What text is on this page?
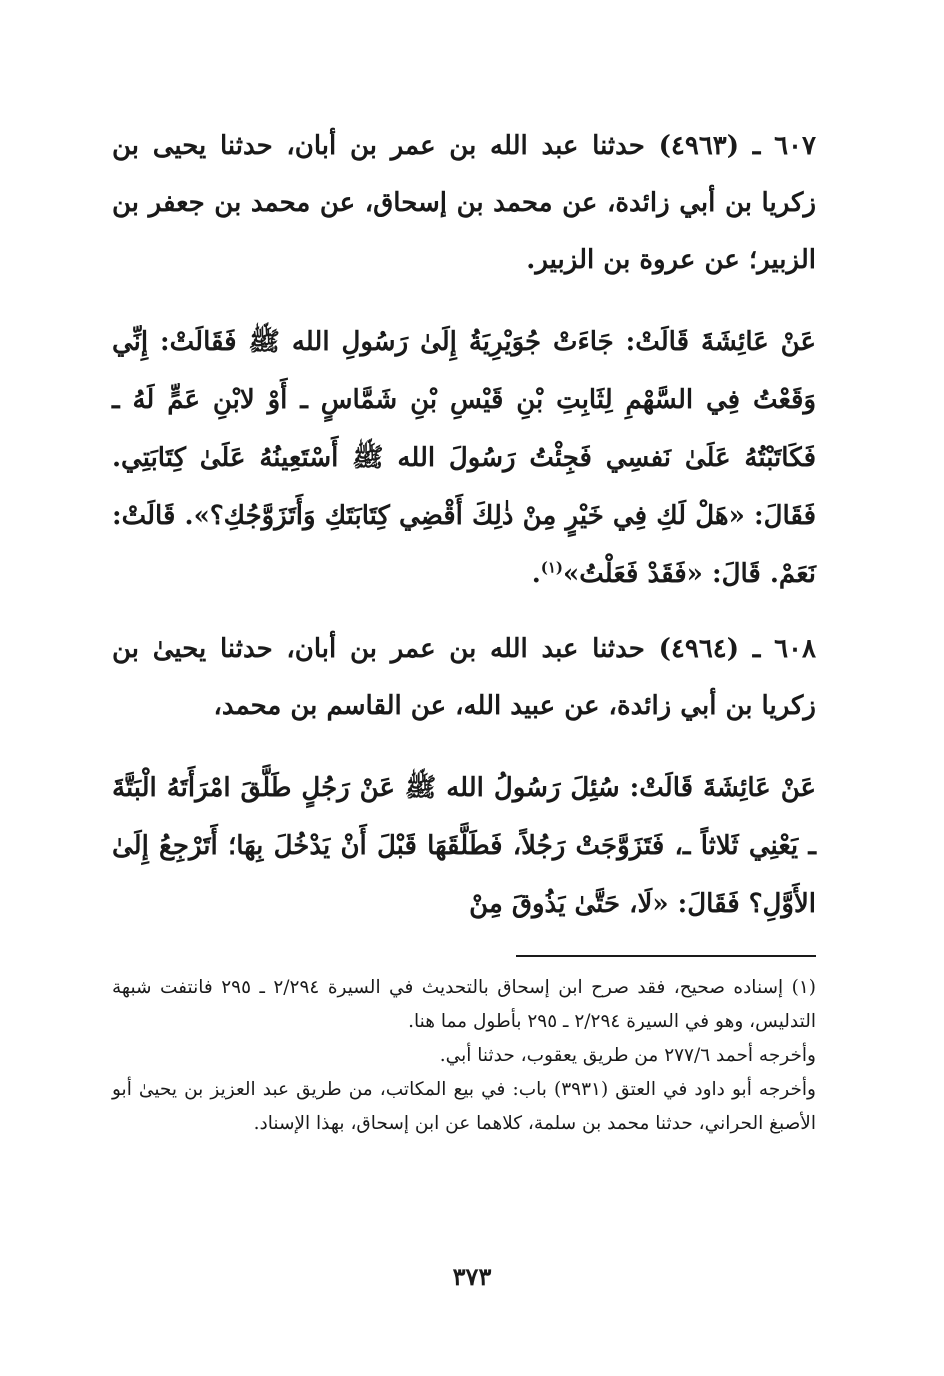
٦٠٧ ـ (٤٩٦٣) حدثنا عبد الله بن عمر بن أبان، حدثنا يحيى بن زكريا بن أبي زائدة، عن محمد بن إسحاق، عن محمد بن جعفر بن الزبير؛ عن عروة بن الزبير.

عَنْ عَائِشَةَ قَالَتْ: جَاءَتْ جُوَيْرِيَةُ إِلَىٰ رَسُولِ الله ﷺ فَقَالَتْ: إِنِّي وَقَعْتُ فِي السَّهْمِ لِثَابِتِ بْنِ قَيْسِ بْنِ شَمَّاسٍ ـ أَوْ لابْنِ عَمٍّ لَهُ ـ فَكَاتَبْتُهُ عَلَىٰ نَفسِي فَجِئْتُ رَسُولَ الله ﷺ أَسْتَعِينُهُ عَلَىٰ كِتَابَتِي. فَقَالَ: «هَلْ لَكِ فِي خَيْرٍ مِنْ ذٰلِكَ أَقْضِي كِتَابَتَكِ وَأَتَزَوَّجُكِ؟». قَالَتْ: نَعَمْ. قَالَ: «فَقَدْ فَعَلْتُ»$^{(١)}$.

٦٠٨ ـ (٤٩٦٤) حدثنا عبد الله بن عمر بن أبان، حدثنا يحيىٰ بن زكريا بن أبي زائدة، عن عبيد الله، عن القاسم بن محمد،

عَنْ عَائِشَةَ قَالَتْ: سُئِلَ رَسُولُ الله ﷺ عَنْ رَجُلٍ طَلَّقَ امْرَأَتَهُ الْبَتَّةَ ـ يَعْنِي ثَلاثاً ـ، فَتَزَوَّجَتْ رَجُلاً، فَطَلَّقَهَا قَبْلَ أَنْ يَدْخُلَ بِهَا؛ أَتَرْجِعُ إِلَىٰ الأَوَّلِ؟ فَقَالَ: «لَا، حَتَّىٰ يَذُوقَ مِنْ

(١) إسناده صحيح، فقد صرح ابن إسحاق بالتحديث في السيرة ٢/٢٩٤ ـ ٢٩٥ فانتفت شبهة التدليس، وهو في السيرة ٢/٢٩٤ ـ ٢٩٥ بأطول مما هنا.

وأخرجه أحمد ٢٧٧/٦ من طريق يعقوب، حدثنا أبي.

وأخرجه أبو داود في العتق (٣٩٣١) باب: في بيع المكاتب، من طريق عبد العزيز بن يحيىٰ أبو الأصبغ الحراني، حدثنا محمد بن سلمة، كلاهما عن ابن إسحاق، بهذا الإسناد.

٣٧٣
